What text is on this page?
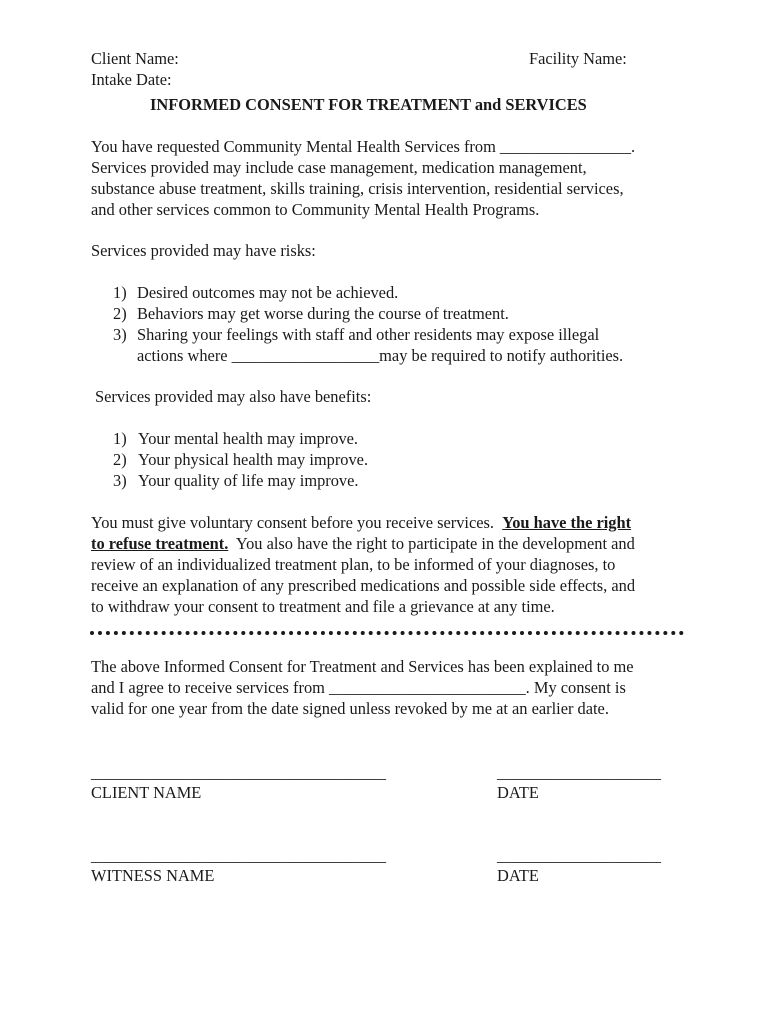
Client Name:	Facility Name:
Intake Date:
INFORMED CONSENT FOR TREATMENT and SERVICES
You have requested Community Mental Health Services from ________________.
Services provided may include case management, medication management,
substance abuse treatment, skills training, crisis intervention, residential services,
and other services common to Community Mental Health Programs.
Services provided may have risks:
1) Desired outcomes may not be achieved.
2) Behaviors may get worse during the course of treatment.
3) Sharing your feelings with staff and other residents may expose illegal
actions where __________________may be required to notify authorities.
Services provided may also have benefits:
1) Your mental health may improve.
2) Your physical health may improve.
3) Your quality of life may improve.
You must give voluntary consent before you receive services. You have the right
to refuse treatment. You also have the right to participate in the development and
review of an individualized treatment plan, to be informed of your diagnoses, to
receive an explanation of any prescribed medications and possible side effects, and
to withdraw your consent to treatment and file a grievance at any time.
The above Informed Consent for Treatment and Services has been explained to me
and I agree to receive services from ________________________. My consent is
valid for one year from the date signed unless revoked by me at an earlier date.
____________________________________	____________________
CLIENT NAME	DATE
____________________________________	____________________
WITNESS NAME	DATE
